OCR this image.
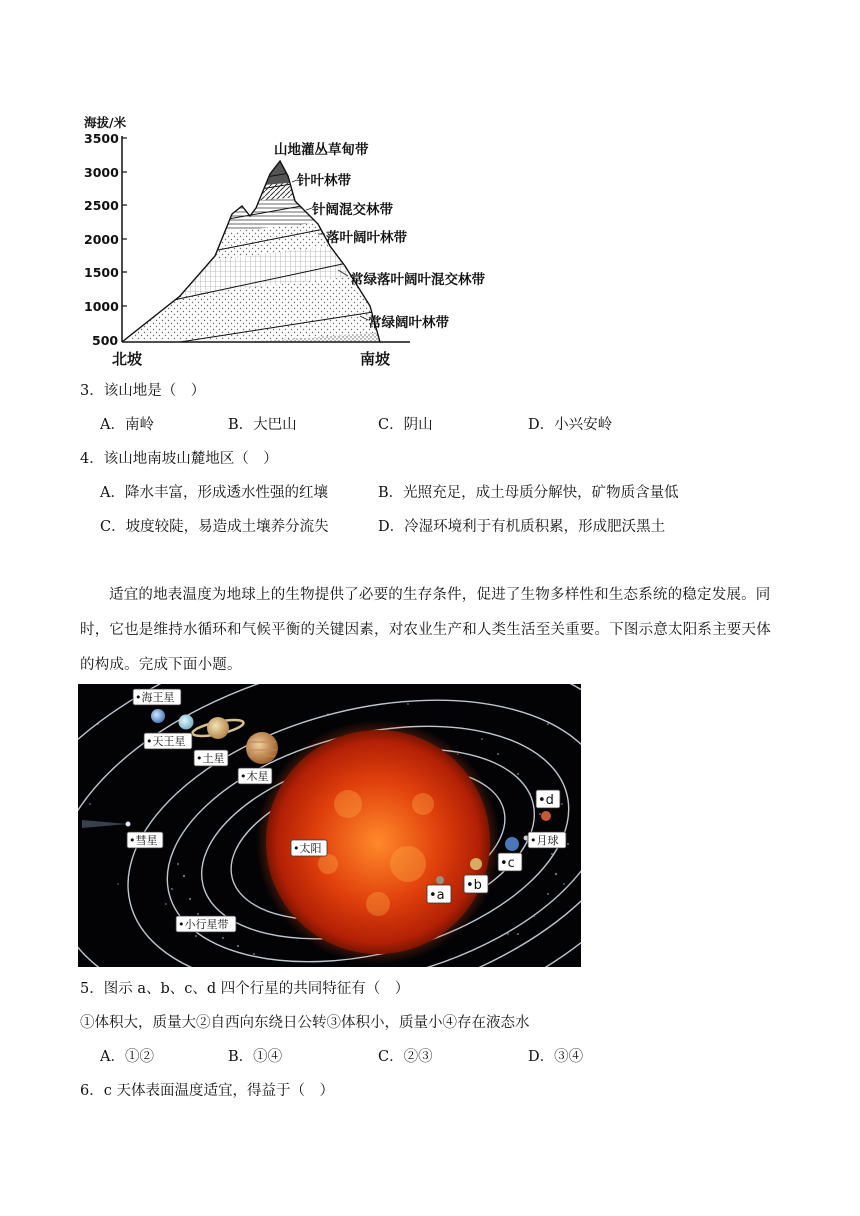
海拔/米
3500
3000
2500
2000
1500
1000
500
山地灌丛草甸带
针叶林带
针阔混交林带
落叶阔叶林带
常绿落叶阔叶混交林带
常绿阔叶林带
北坡	南坡
3．该山地是（　）
A．南岭	B．大巴山	C．阴山	D．小兴安岭
4．该山地南坡山麓地区（　）
A．降水丰富，形成透水性强的红壤	B．光照充足，成土母质分解快，矿物质含量低
C．坡度较陡，易造成土壤养分流失	D．冷湿环境利于有机质积累，形成肥沃黑土
适宜的地表温度为地球上的生物提供了必要的生存条件，促进了生物多样性和生态系统的稳定发展。同时，它也是维持水循环和气候平衡的关键因素，对农业生产和人类生活至关重要。下图示意太阳系主要天体的构成。完成下面小题。
•海王星
•天王星
•土星
•木星
•彗星
•太阳
•小行星带
•月球
•a
•b
•c
•d
5．图示 a、b、c、d 四个行星的共同特征有（　）
①体积大，质量大②自西向东绕日公转③体积小，质量小④存在液态水
A．①②	B．①④	C．②③	D．③④
6．c 天体表面温度适宜，得益于（　）
